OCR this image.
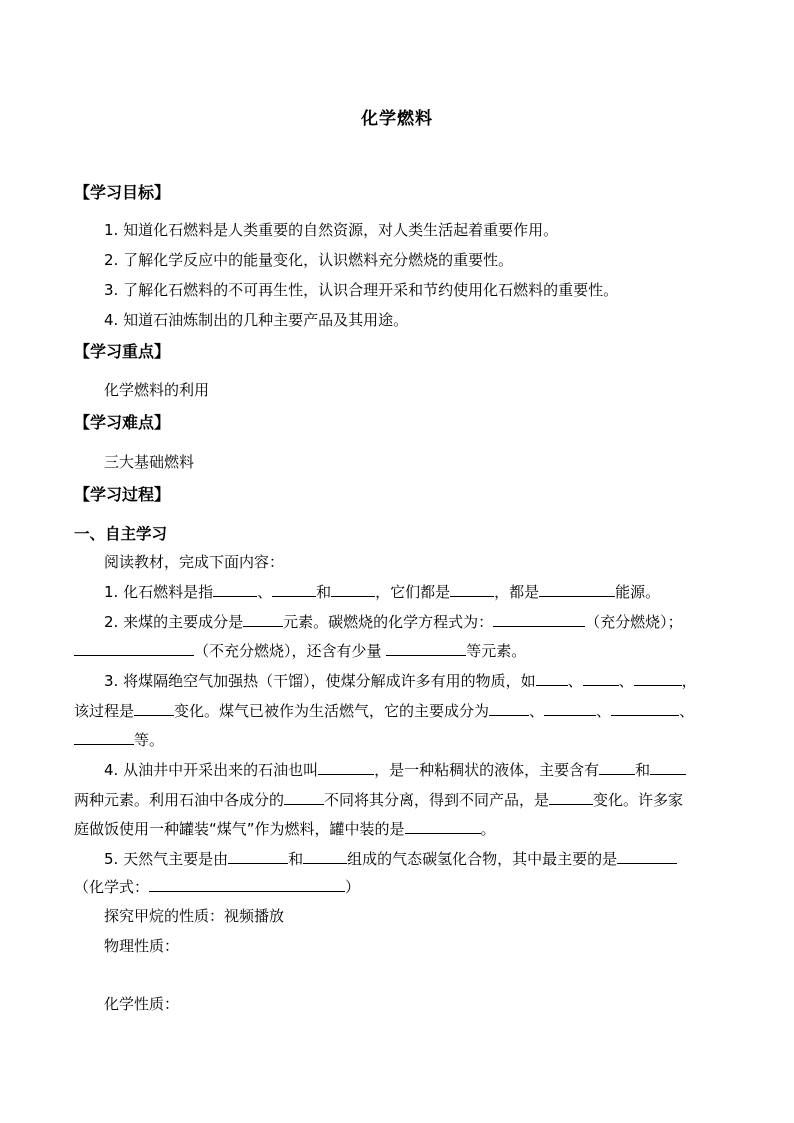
化学燃料
【学习目标】
1. 知道化石燃料是人类重要的自然资源，对人类生活起着重要作用。
2. 了解化学反应中的能量变化，认识燃料充分燃烧的重要性。
3. 了解化石燃料的不可再生性，认识合理开采和节约使用化石燃料的重要性。
4. 知道石油炼制出的几种主要产品及其用途。
【学习重点】
化学燃料的利用
【学习难点】
三大基础燃料
【学习过程】
一、自主学习
阅读教材，完成下面内容：
1. 化石燃料是指	、	和	，它们都是	，都是	能源。
2. 来煤的主要成分是	元素。碳燃烧的化学方程式为：	（充分燃烧）；
（不充分燃烧），还含有少量	等元素。
3. 将煤隔绝空气加强热（干馏），使煤分解成许多有用的物质，如 、 、	，
该过程是	变化。煤气已被作为生活燃气，它的主要成分为	、	、	、
等。
4. 从油井中开采出来的石油也叫	，是一种粘稠状的液体，主要含有 和
两种元素。利用石油中各成分的	不同将其分离，得到不同产品，是	变化。许多家
庭做饭使用一种罐装“煤气”作为燃料，罐中装的是	。
5. 天然气主要是由	和	组成的气态碳氢化合物，其中最主要的是
（化学式：	）
探究甲烷的性质：视频播放
物理性质：
化学性质：
